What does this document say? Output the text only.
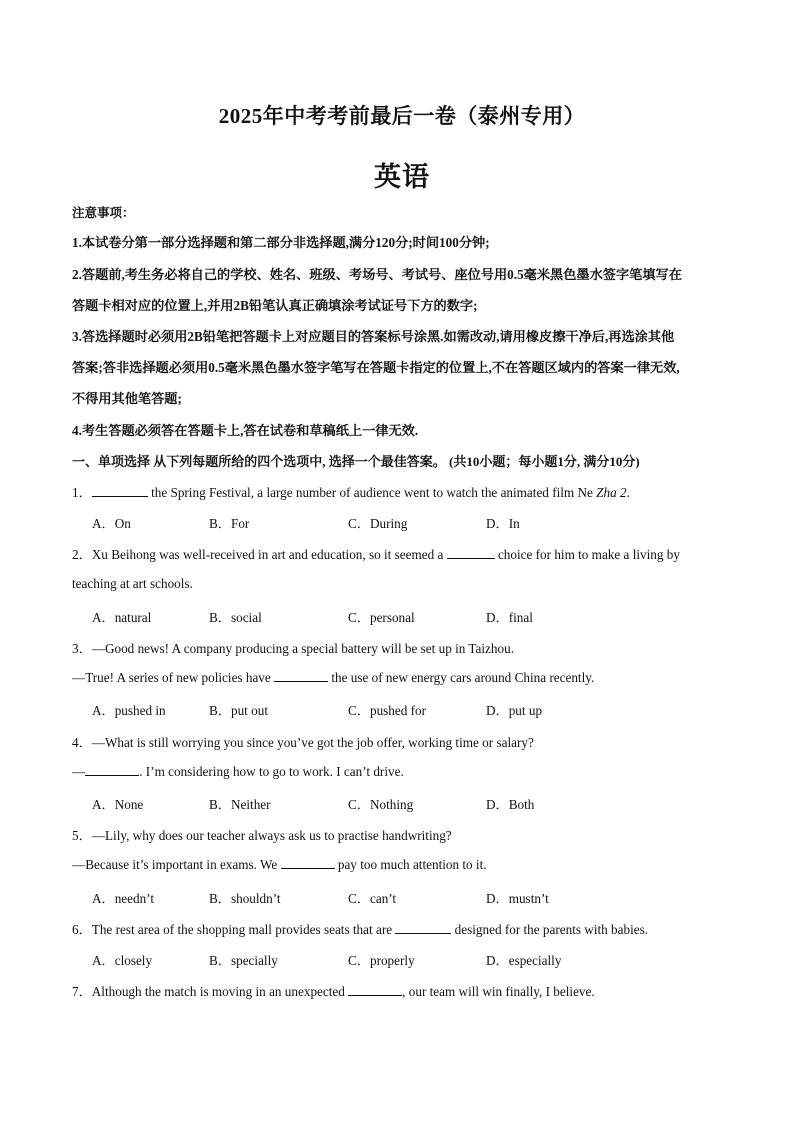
2025年中考考前最后一卷（泰州专用）
英语
注意事项：
1.本试卷分第一部分选择题和第二部分非选择题,满分120分;时间100分钟;
2.答题前,考生务必将自己的学校、姓名、班级、考场号、考试号、座位号用0.5毫米黑色墨水签字笔填写在
答题卡相对应的位置上,并用2B铅笔认真正确填涂考试证号下方的数字;
3.答选择题时必须用2B铅笔把答题卡上对应题目的答案标号涂黑.如需改动,请用橡皮擦干净后,再选涂其他
答案;答非选择题必须用0.5毫米黑色墨水签字笔写在答题卡指定的位置上,不在答题区域内的答案一律无效,
不得用其他笔答题;
4.考生答题必须答在答题卡上,答在试卷和草稿纸上一律无效.
一、单项选择 从下列每题所给的四个选项中, 选择一个最佳答案。 (共10小题；每小题1分, 满分10分)
1．	the Spring Festival, a large number of audience went to watch the animated film Ne Zha 2.
A．On	B．For	C．During	D．In
2．Xu Beihong was well-received in art and education, so it seemed a	choice for him to make a living by
teaching at art schools.
A．natural	B．social	C．personal	D．final
3．—Good news! A company producing a special battery will be set up in Taizhou.
—True! A series of new policies have	the use of new energy cars around China recently.
A．pushed in	B．put out	C．pushed for	D．put up
4．—What is still worrying you since you’ve got the job offer, working time or salary?
—	. I’m considering how to go to work. I can’t drive.
A．None	B．Neither	C．Nothing	D．Both
5．—Lily, why does our teacher always ask us to practise handwriting?
—Because it’s important in exams. We	pay too much attention to it.
A．needn’t	B．shouldn’t	C．can’t	D．mustn’t
6．The rest area of the shopping mall provides seats that are	designed for the parents with babies.
A．closely	B．specially	C．properly	D．especially
7．Although the match is moving in an unexpected	, our team will win finally, I believe.
